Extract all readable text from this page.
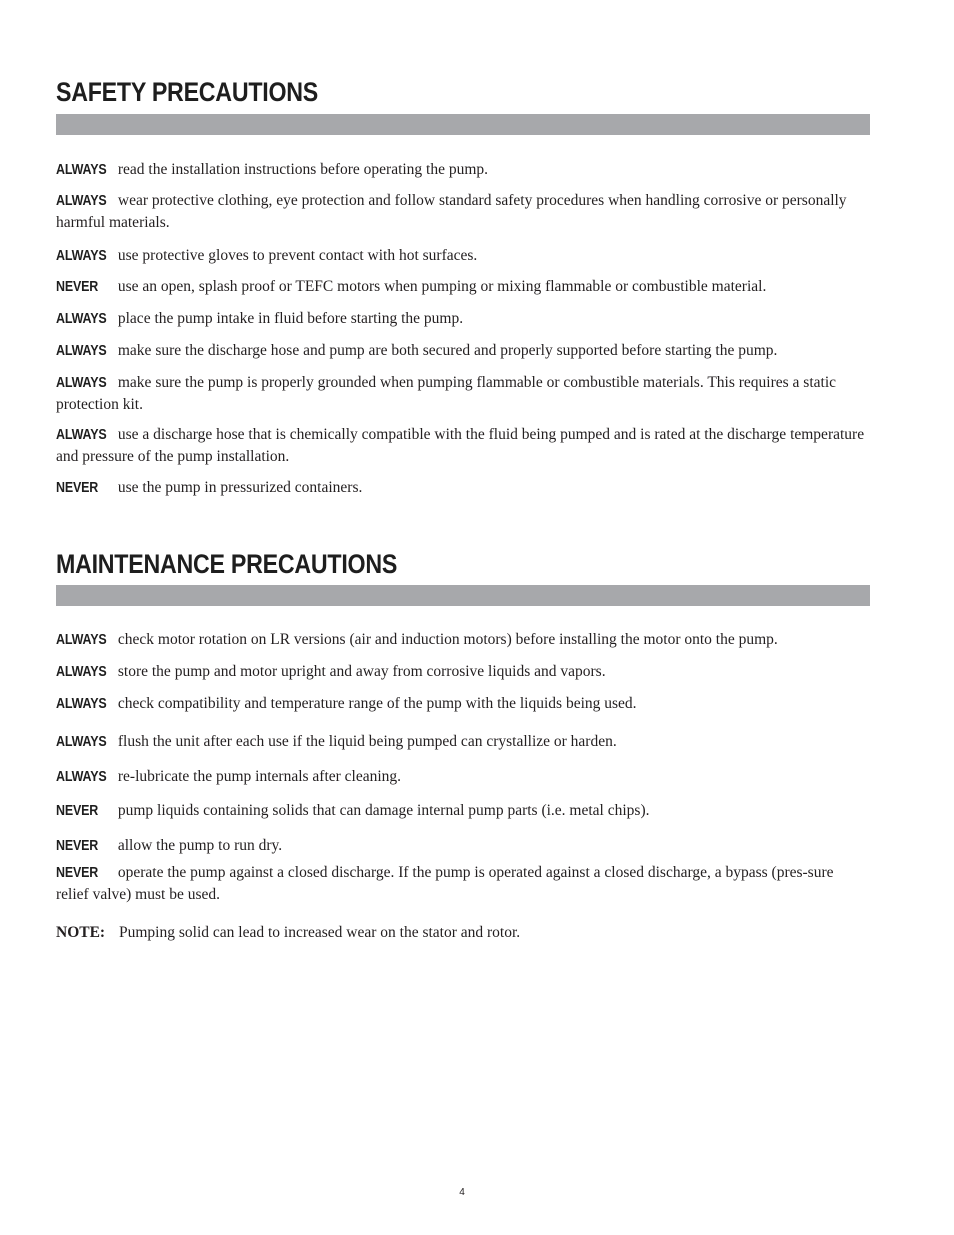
SAFETY PRECAUTIONS

ALWAYS read the installation instructions before operating the pump.

ALWAYS wear protective clothing, eye protection and follow standard safety procedures when handling corrosive or personally harmful materials.

ALWAYS use protective gloves to prevent contact with hot surfaces.

NEVER use an open, splash proof or TEFC motors when pumping or mixing flammable or combustible material.

ALWAYS place the pump intake in fluid before starting the pump.

ALWAYS make sure the discharge hose and pump are both secured and properly supported before starting the pump.

ALWAYS make sure the pump is properly grounded when pumping flammable or combustible materials. This requires a static protection kit.

ALWAYS use a discharge hose that is chemically compatible with the fluid being pumped and is rated at the discharge temperature and pressure of the pump installation.

NEVER use the pump in pressurized containers.

MAINTENANCE PRECAUTIONS

ALWAYS check motor rotation on LR versions (air and induction motors) before installing the motor onto the pump.

ALWAYS store the pump and motor upright and away from corrosive liquids and vapors.

ALWAYS check compatibility and temperature range of the pump with the liquids being used.

ALWAYS flush the unit after each use if the liquid being pumped can crystallize or harden.

ALWAYS re-lubricate the pump internals after cleaning.

NEVER pump liquids containing solids that can damage internal pump parts (i.e. metal chips).

NEVER allow the pump to run dry.

NEVER operate the pump against a closed discharge. If the pump is operated against a closed discharge, a bypass (pres-sure relief valve) must be used.

NOTE: Pumping solid can lead to increased wear on the stator and rotor.

4
